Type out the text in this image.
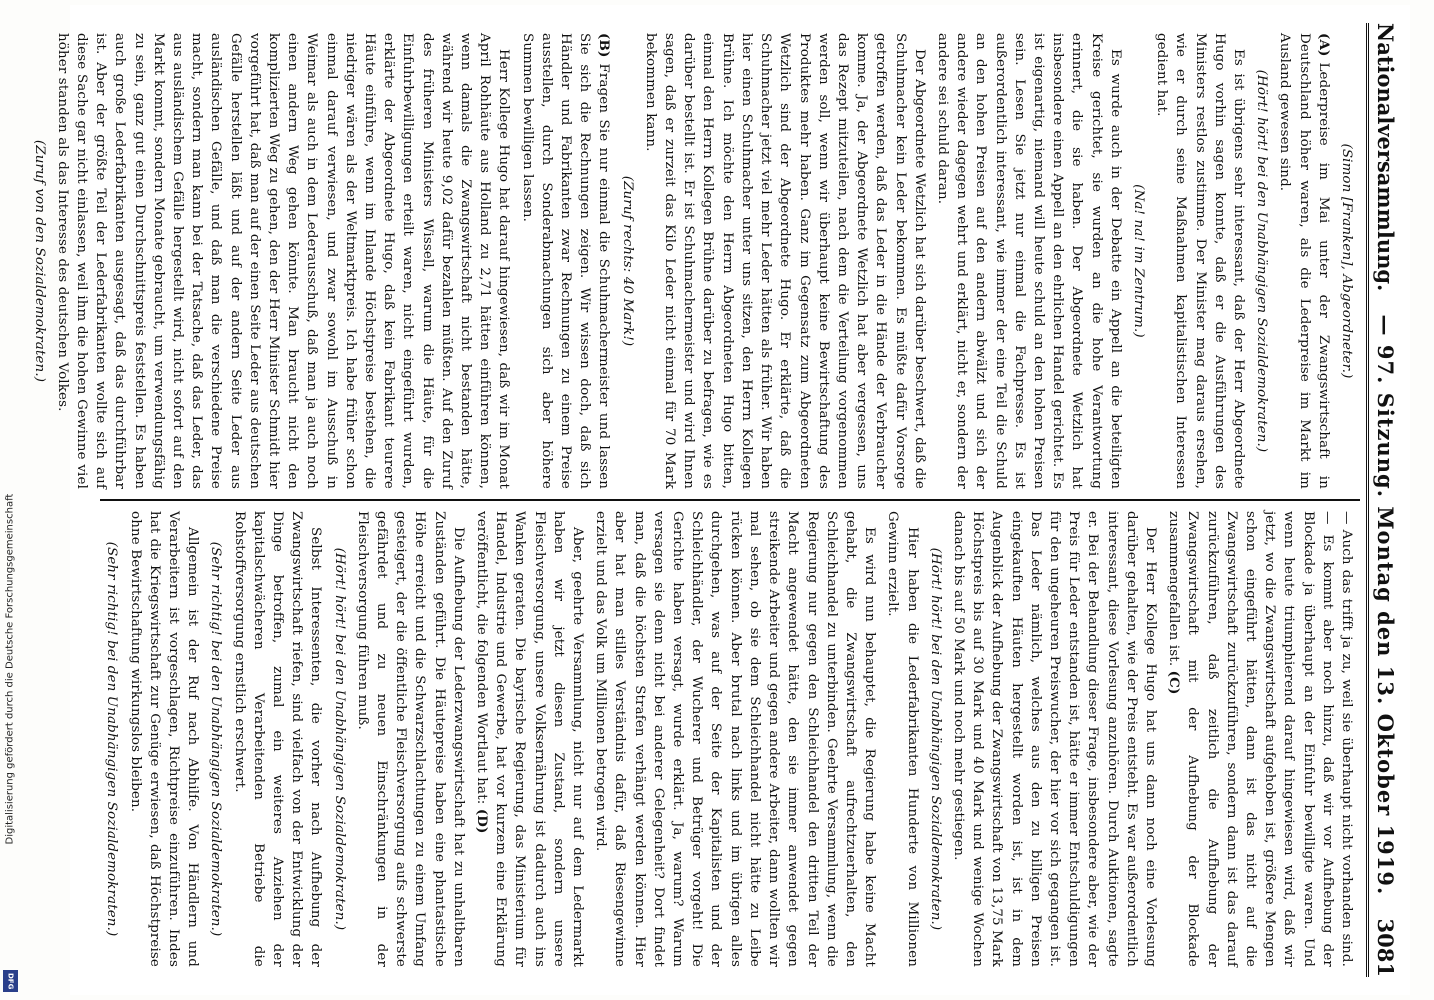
Digitalisierung gefördert durch die Deutsche Forschungsgemeinschaft
DFG
Nationalversammlung.
— 97. Sitzung. Montag den 13. Oktober 1919.
3081

(Simon [Franken], Abgeordneter.)

(A)Lederpreise im Mai unter der Zwangswirtschaft in Deutschland höher waren, als die Lederpreise im Markt im Ausland gewesen sind.

(Hört! hört! bei den Unabhängigen Sozialdemokraten.)

Es ist übrigens sehr interessant, daß der Herr Abgeordnete Hugo vorhin sagen konnte, daß er die Ausführungen des Ministers restlos zustimme. Der Minister mag daraus ersehen, wie er durch seine Maßnahmen kapitalistischen Interessen gedient hat.

(Na! na! im Zentrum.)

Es wurde auch in der Debatte ein Appell an die beteiligten Kreise gerichtet, sie wurden an die hohe Verantwortung erinnert, die sie haben. Der Abgeordnete Wetzlich hat insbesondere einen Appell an den ehrlichen Handel gerichtet. Es ist eigenartig, niemand will heute schuld an den hohen Preisen sein. Lesen Sie jetzt nur einmal die Fachpresse. Es ist außerordentlich interessant, wie immer der eine Teil die Schuld an den hohen Preisen auf den andern abwälzt und sich der andere wieder dagegen wehrt und erklärt, nicht er, sondern der andere sei schuld daran.

Der Abgeordnete Wetzlich hat sich darüber beschwert, daß die Schuhmacher kein Leder bekommen. Es müßte dafür Vorsorge getroffen werden, daß das Leder in die Hände der Verbraucher komme. Ja, der Abgeordnete Wetzlich hat aber vergessen, uns das Rezept mitzuteilen, nach dem die Verteilung vorgenommen werden soll, wenn wir überhaupt keine Bewirtschaftung des Produktes mehr haben. Ganz im Gegensatz zum Abgeordneten Wetzlich sind der Abgeordnete Hugo. Er erklärte, daß die Schuhmacher jetzt viel mehr Leder hätten als früher. Wir haben hier einen Schuhmacher unter uns sitzen, den Herrn Kollegen Brühne. Ich möchte den Herrn Abgeordneten Hugo bitten, einmal den Herrn Kollegen Brühne darüber zu befragen, wie es darüber bestellt ist. Er ist Schuhmachermeister und wird Ihnen sagen, daß er zurzeit das Kilo Leder nicht einmal für 70 Mark bekommen kann.

(Zuruf rechts: 40 Mark!)

(B)Fragen Sie nur einmal die Schuhmachermeister und lassen Sie sich die Rechnungen zeigen. Wir wissen doch, daß sich Händler und Fabrikanten zwar Rechnungen zu einem Preise ausstellen, durch Sonderabmachungen sich aber höhere Summen bewilligen lassen.

Herr Kollege Hugo hat darauf hingewiesen, daß wir im Monat April Rohhäute aus Holland zu 2,71 hätten einführen können, wenn damals die Zwangswirtschaft nicht bestanden hätte, während wir heute 9,02 dafür bezahlen müßten. Auf den Zuruf des früheren Ministers Wissell, warum die Häute, für die Einfuhrbewilligungen erteilt waren, nicht eingeführt wurden, erklärte der Abgeordnete Hugo, daß kein Fabrikant teurere Häute einführe, wenn im Inlande Höchstpreise bestehen, die niedriger wären als der Weltmarktpreis. Ich habe früher schon einmal darauf verwiesen, und zwar sowohl im Ausschuß in Weimar als auch in dem Lederausschuß, daß man ja auch noch einen andern Weg gehen könnte. Man braucht nicht den komplizierten Weg zu gehen, den der Herr Minister Schmidt hier vorgeführt hat, daß man auf der einen Seite Leder aus deutschen Gefälle herstellen läßt und auf der andern Seite Leder aus ausländischen Gefälle, und daß man die verschiedene Preise macht, sondern man kann bei der Tatsache, daß das Leder, das aus ausländischem Gefälle hergestellt wird, nicht sofort auf den Markt kommt, sondern Monate gebraucht, um verwendungsfähig zu sein, ganz gut einen Durchschnittspreis feststellen. Es haben auch große Lederfabrikanten ausgesagt, daß das durchführbar ist. Aber der größte Teil der Lederfabrikanten wollte sich auf diese Sache gar nicht einlassen, weil ihm die hohen Gewinne viel höher standen als das Interesse des deutschen Volkes.

(Zuruf von den Sozialdemokraten.)

— Auch das trifft ja zu, weil sie überhaupt nicht vorhanden sind. — Es kommt aber noch hinzu, daß wir vor Aufhebung der Blockade ja überhaupt an der Einfuhr bewilligte waren. Und wenn heute triumphierend darauf hingewiesen wird, daß wir jetzt, wo die Zwangswirtschaft aufgehoben ist, größere Mengen schon eingeführt hätten, dann ist das nicht auf die Zwangswirtschaft zurückzuführen, sondern dann ist das darauf zurückzuführen, daß zeitlich die Aufhebung der Zwangswirtschaft mit der Aufhebung der Blockade zusammengefallen ist. (C)

Der Herr Kollege Hugo hat uns dann noch eine Vorlesung darüber gehalten, wie der Preis entsteht. Es war außerordentlich interessant, diese Vorlesung anzuhören. Durch Auktionen, sagte er. Bei der Behandlung dieser Frage, insbesondere aber, wie der Preis für Leder entstanden ist, hätte er immer Entschuldigungen für den ungeheuren Preiswucher, der hier vor sich gegangen ist. Das Leder nämlich, welches aus den zu billigen Preisen eingekauften Häuten hergestellt worden ist, ist in dem Augenblick der Aufhebung der Zwangswirtschaft von 13,75 Mark Höchstpreis bis auf 30 Mark und 40 Mark und wenige Wochen danach bis auf 50 Mark und noch mehr gestiegen.

(Hört! hört! bei den Unabhängigen Sozialdemokraten.)

Hier haben die Lederfabrikanten Hunderte von Millionen Gewinn erzielt.

Es wird nun behauptet, die Regierung habe keine Macht gehabt, die Zwangswirtschaft aufrechtzuerhalten, den Schleichhandel zu unterbinden. Geehrte Versammlung, wenn die Regierung nur gegen den Schleichhandel den dritten Teil der Macht angewendet hätte, den sie immer anwendet gegen streikende Arbeiter und gegen andere Arbeiter, dann wollten wir mal sehen, ob sie dem Schleichhandel nicht hätte zu Leibe rücken können. Aber brutal nach links und im übrigen alles durchgehen, was auf der Seite der Kapitalisten und der Schleichhändler, der Wucherer und Betrüger vorgeht! Die Gerichte haben versagt, wurde erklärt. Ja, warum? Warum versagen sie denn nicht bei anderer Gelegenheit? Dort findet man, daß die höchsten Strafen verhängt werden können. Hier aber hat man stilles Verständnis dafür, daß Riesengewinne erzielt und das Volk um Millionen betrogen wird.

Aber, geehrte Versammlung, nicht nur auf dem Ledermarkt haben wir jetzt diesen Zustand, sondern unsere Fleischversorgung, unsere Volksernährung ist dadurch auch ins Wanken geraten. Die bayrische Regierung, das Ministerium für Handel, Industrie und Gewerbe, hat vor kurzem eine Erklärung veröffentlicht, die folgenden Wortlaut hat: (D)

Die Aufhebung der Lederzwangswirtschaft hat zu unhaltbaren Zuständen geführt. Die Häutepreise haben eine phantastische Höhe erreicht und die Schwarzschlachtungen zu einem Umfang gesteigert, der die öffentliche Fleischversorgung aufs schwerste gefährdet und zu neuen Einschränkungen in der Fleischversorgung führen muß.

(Hört! hört! bei den Unabhängigen Sozialdemokraten.)

Selbst Interessenten, die vorher nach Aufhebung der Zwangswirtschaft riefen, sind vielfach von der Entwicklung der Dinge betroffen, zumal ein weiteres Anziehen der kapitalschwächeren Verarbeitenden Betriebe die Rohstoffversorgung ernstlich erschwert.

(Sehr richtig! bei den Unabhängigen Sozialdemokraten.)

Allgemein ist der Ruf nach Abhilfe. Von Händlern und Verarbeitern ist vorgeschlagen, Richtpreise einzuführen. Indes hat die Kriegswirtschaft zur Genüge erwiesen, daß Höchstpreise ohne Bewirtschaftung wirkungslos bleiben.

(Sehr richtig! bei den Unabhängigen Sozialdemokraten.)
